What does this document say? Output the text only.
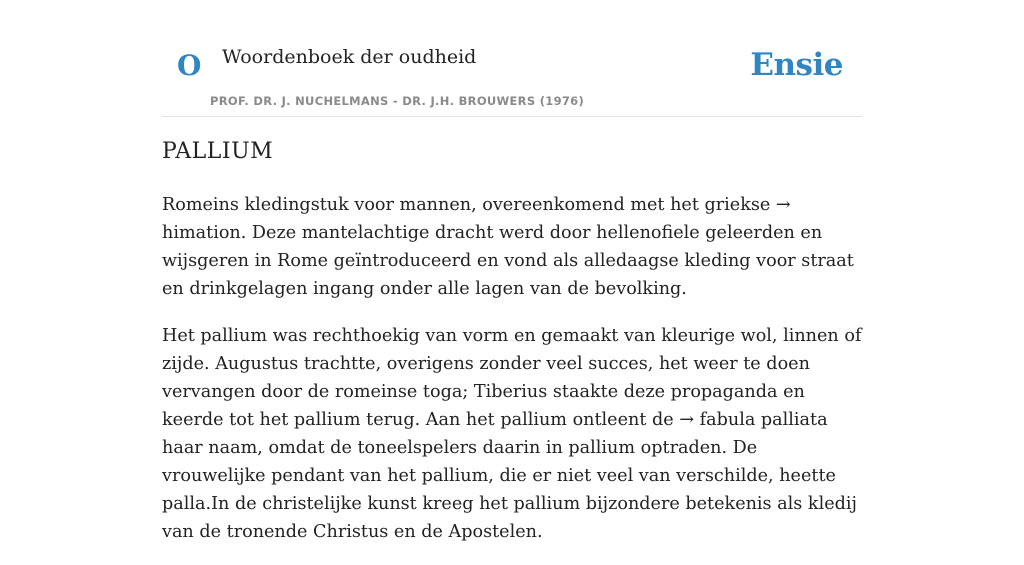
O Woordenboek der oudheid
PROF. DR. J. NUCHELMANS - DR. J.H. BROUWERS (1976)
Ensie
PALLIUM

Romeins kledingstuk voor mannen, overeenkomend met het griekse → himation. Deze mantelachtige dracht werd door hellenofiele geleerden en wijsgeren in Rome geïntroduceerd en vond als alledaagse kleding voor straat en drinkgelagen ingang onder alle lagen van de bevolking.

Het pallium was rechthoekig van vorm en gemaakt van kleurige wol, linnen of zijde. Augustus trachtte, overigens zonder veel succes, het weer te doen vervangen door de romeinse toga; Tiberius staakte deze propaganda en keerde tot het pallium terug. Aan het pallium ontleent de → fabula palliata haar naam, omdat de toneelspelers daarin in pallium optraden. De vrouwelijke pendant van het pallium, die er niet veel van verschilde, heette palla.In de christelijke kunst kreeg het pallium bijzondere betekenis als kledij van de tronende Christus en de Apostelen.
